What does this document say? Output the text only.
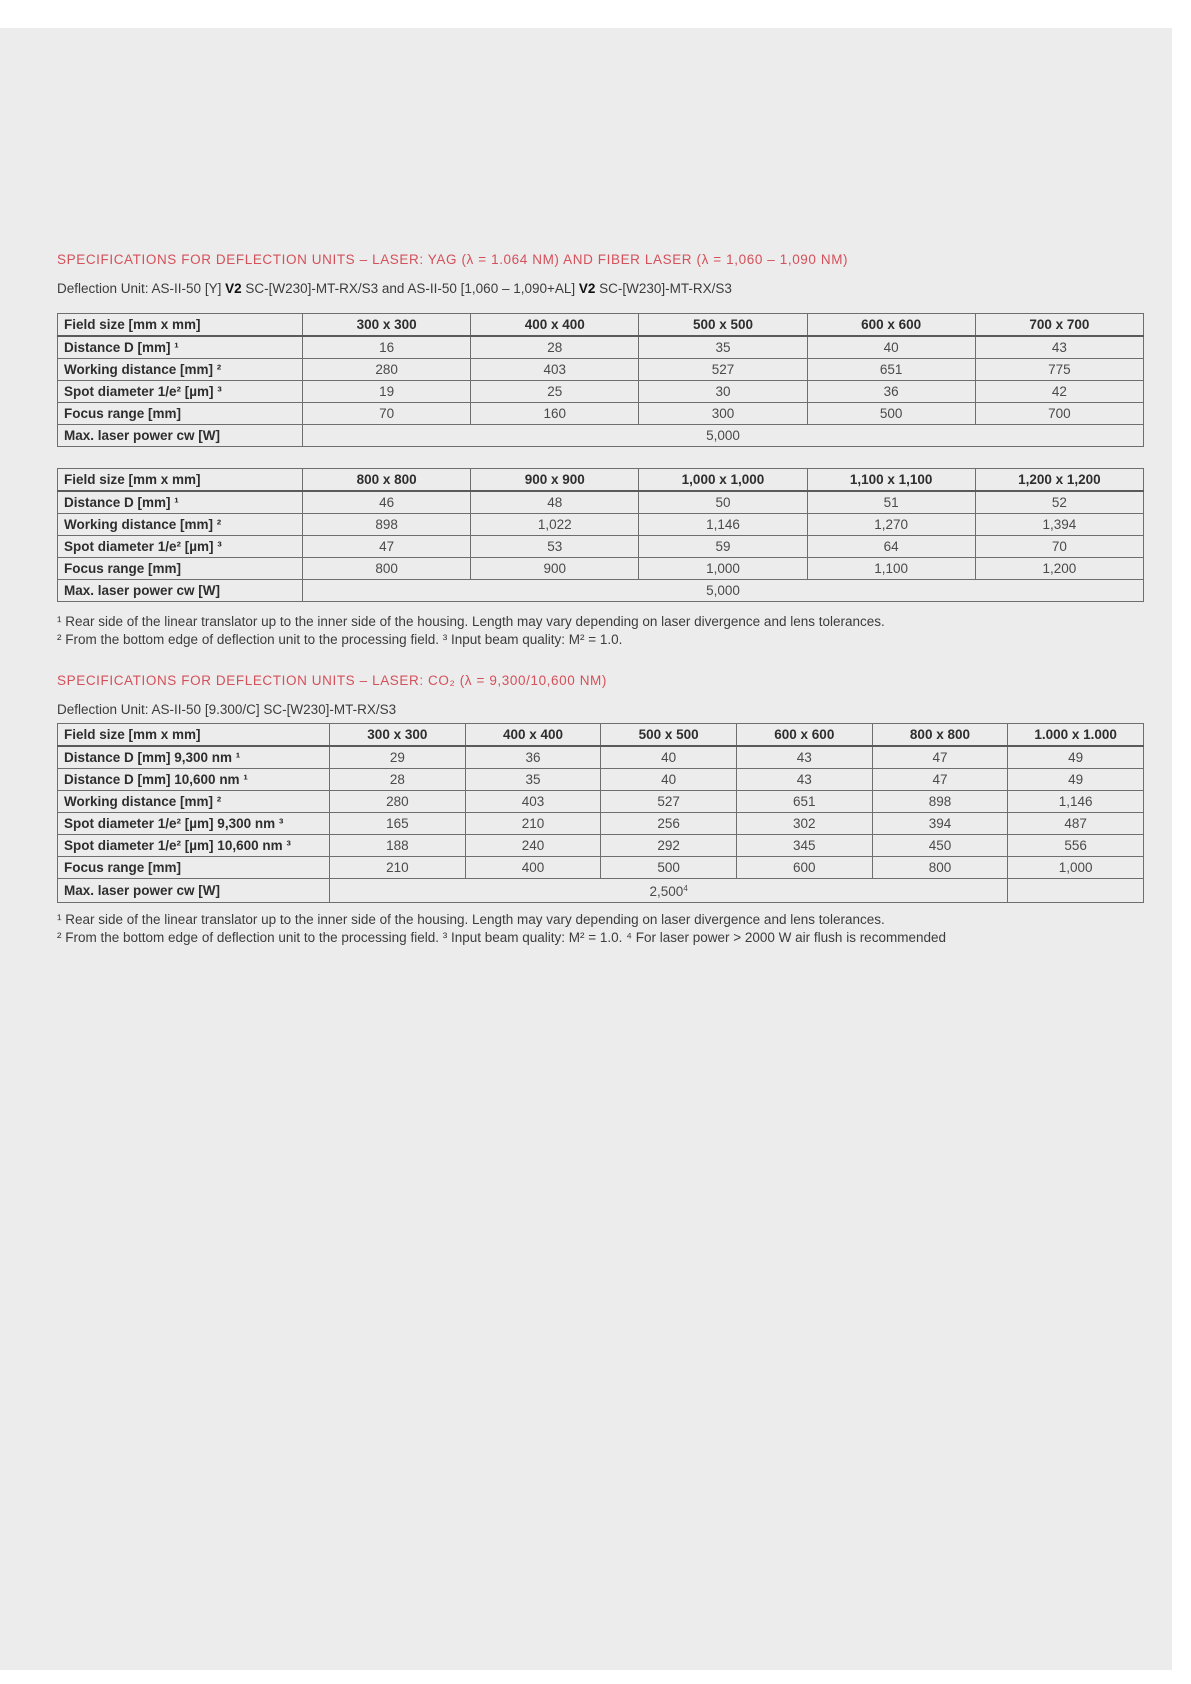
SPECIFICATIONS FOR DEFLECTION UNITS – LASER: YAG (λ = 1.064 NM) AND FIBER LASER (λ = 1,060 – 1,090 NM)
Deflection Unit: AS-II-50 [Y] V2 SC-[W230]-MT-RX/S3 and AS-II-50 [1,060 – 1,090+AL] V2 SC-[W230]-MT-RX/S3
Field size [mm x mm]	300 x 300	400 x 400	500 x 500	600 x 600	700 x 700
Distance D [mm] ¹	16	28	35	40	43
Working distance [mm] ²	280	403	527	651	775
Spot diameter 1/e² [µm] ³	19	25	30	36	42
Focus range [mm]	70	160	300	500	700
Max. laser power cw [W]	5,000				
Field size [mm x mm]	800 x 800	900 x 900	1,000 x 1,000	1,100 x 1,100	1,200 x 1,200
Distance D [mm] ¹	46	48	50	51	52
Working distance [mm] ²	898	1,022	1,146	1,270	1,394
Spot diameter 1/e² [µm] ³	47	53	59	64	70
Focus range [mm]	800	900	1,000	1,100	1,200
Max. laser power cw [W]	5,000				
¹ Rear side of the linear translator up to the inner side of the housing. Length may vary depending on laser divergence and lens tolerances.
² From the bottom edge of deflection unit to the processing field. ³ Input beam quality: M² = 1.0.
SPECIFICATIONS FOR DEFLECTION UNITS – LASER: CO₂ (λ = 9,300/10,600 NM)
Deflection Unit: AS-II-50 [9.300/C] SC-[W230]-MT-RX/S3
Field size [mm x mm]	300 x 300	400 x 400	500 x 500	600 x 600	800 x 800	1.000 x 1.000
Distance D [mm] 9,300 nm ¹	29	36	40	43	47	49
Distance D [mm] 10,600 nm ¹	28	35	40	43	47	49
Working distance [mm] ²	280	403	527	651	898	1,146
Spot diameter 1/e² [µm] 9,300 nm ³	165	210	256	302	394	487
Spot diameter 1/e² [µm] 10,600 nm ³	188	240	292	345	450	556
Focus range [mm]	210	400	500	600	800	1,000
Max. laser power cw [W]	2,500$^4$	
¹ Rear side of the linear translator up to the inner side of the housing. Length may vary depending on laser divergence and lens tolerances.
² From the bottom edge of deflection unit to the processing field. ³ Input beam quality: M² = 1.0. ⁴ For laser power > 2000 W air flush is recommended
